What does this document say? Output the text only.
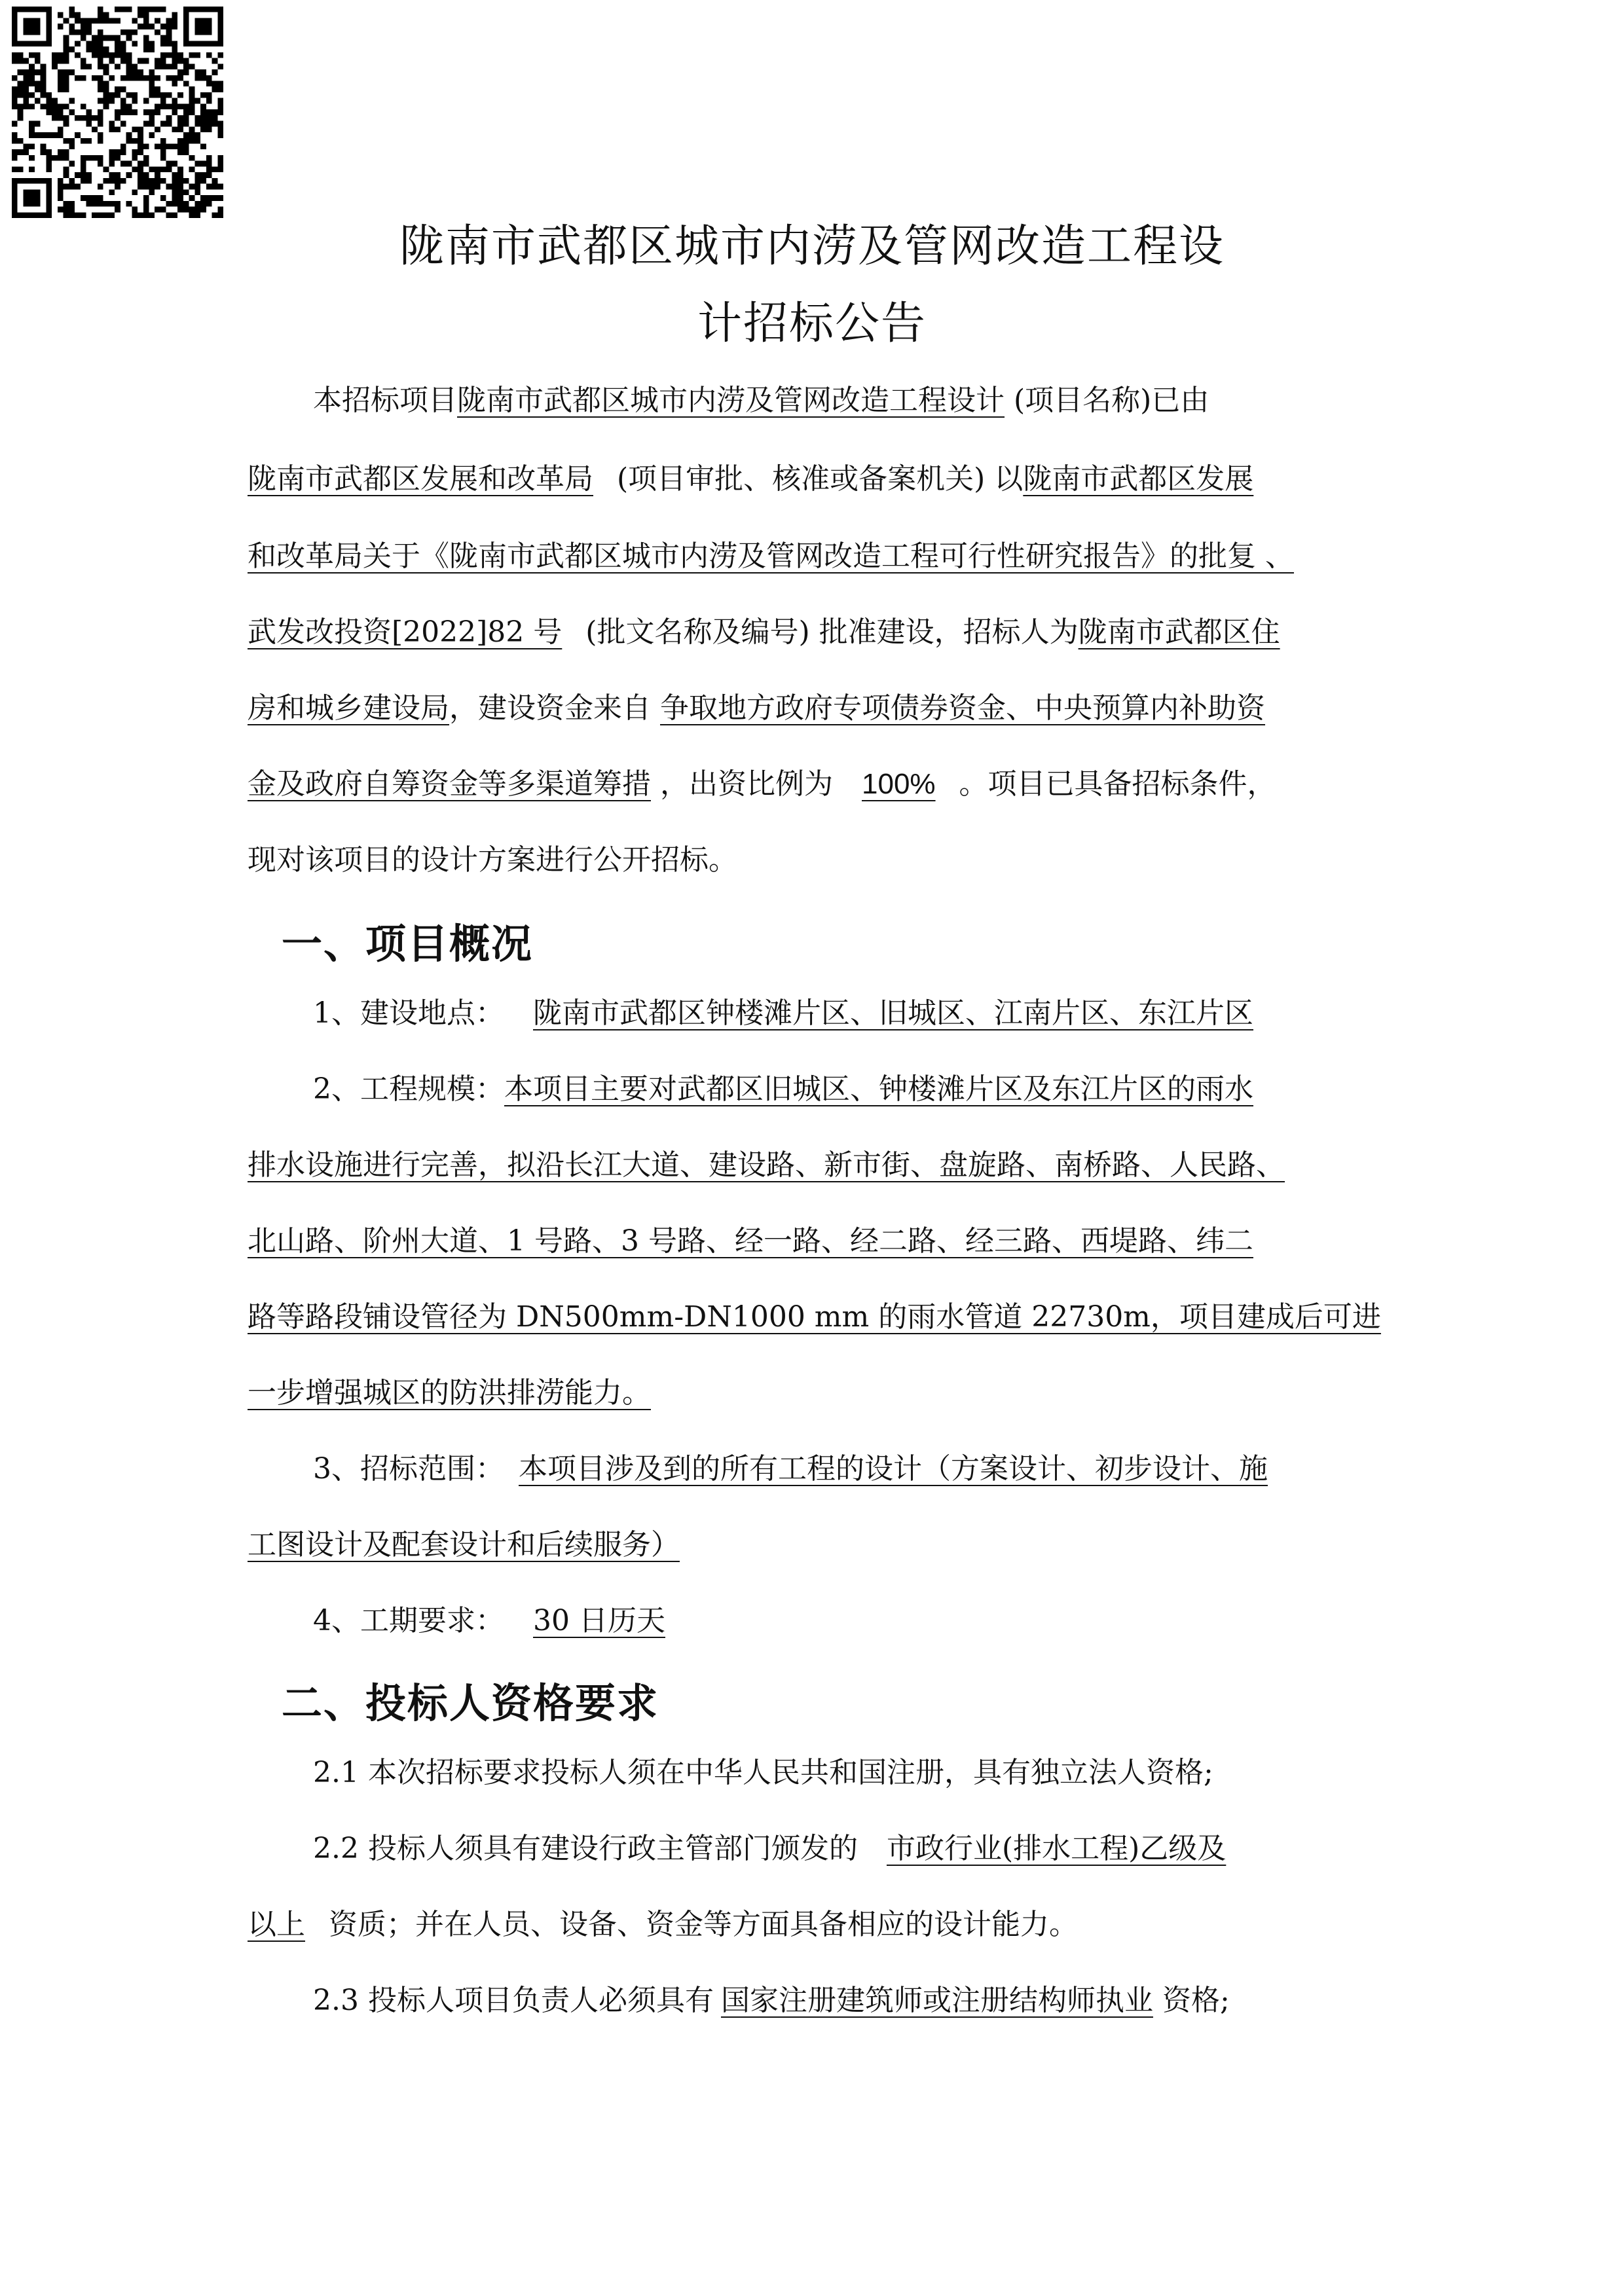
陇南市武都区城市内涝及管网改造工程设
计招标公告
本招标项目陇南市武都区城市内涝及管网改造工程设计 (项目名称)已由
陇南市武都区发展和改革局 (项目审批、核准或备案机关) 以陇南市武都区发展
和改革局关于《陇南市武都区城市内涝及管网改造工程可行性研究报告》的批复 、
武发改投资[2022]82 号 (批文名称及编号) 批准建设，招标人为陇南市武都区住
房和城乡建设局，建设资金来自 争取地方政府专项债券资金、中央预算内补助资
金及政府自筹资金等多渠道筹措 ，出资比例为 100% 。项目已具备招标条件，
现对该项目的设计方案进行公开招标。
一、项目概况
1、建设地点： 陇南市武都区钟楼滩片区、旧城区、江南片区、东江片区
2、工程规模：本项目主要对武都区旧城区、钟楼滩片区及东江片区的雨水
排水设施进行完善，拟沿长江大道、建设路、新市街、盘旋路、南桥路、人民路、
北山路、阶州大道、1 号路、3 号路、经一路、经二路、经三路、西堤路、纬二
路等路段铺设管径为 DN500mm-DN1000 mm 的雨水管道 22730m，项目建成后可进
一步增强城区的防洪排涝能力。
3、招标范围： 本项目涉及到的所有工程的设计（方案设计、初步设计、施
工图设计及配套设计和后续服务）
4、工期要求： 30 日历天
二、投标人资格要求
2.1 本次招标要求投标人须在中华人民共和国注册，具有独立法人资格;
2.2 投标人须具有建设行政主管部门颁发的 市政行业(排水工程)乙级及
以上 资质；并在人员、设备、资金等方面具备相应的设计能力。
2.3 投标人项目负责人必须具有 国家注册建筑师或注册结构师执业 资格;
